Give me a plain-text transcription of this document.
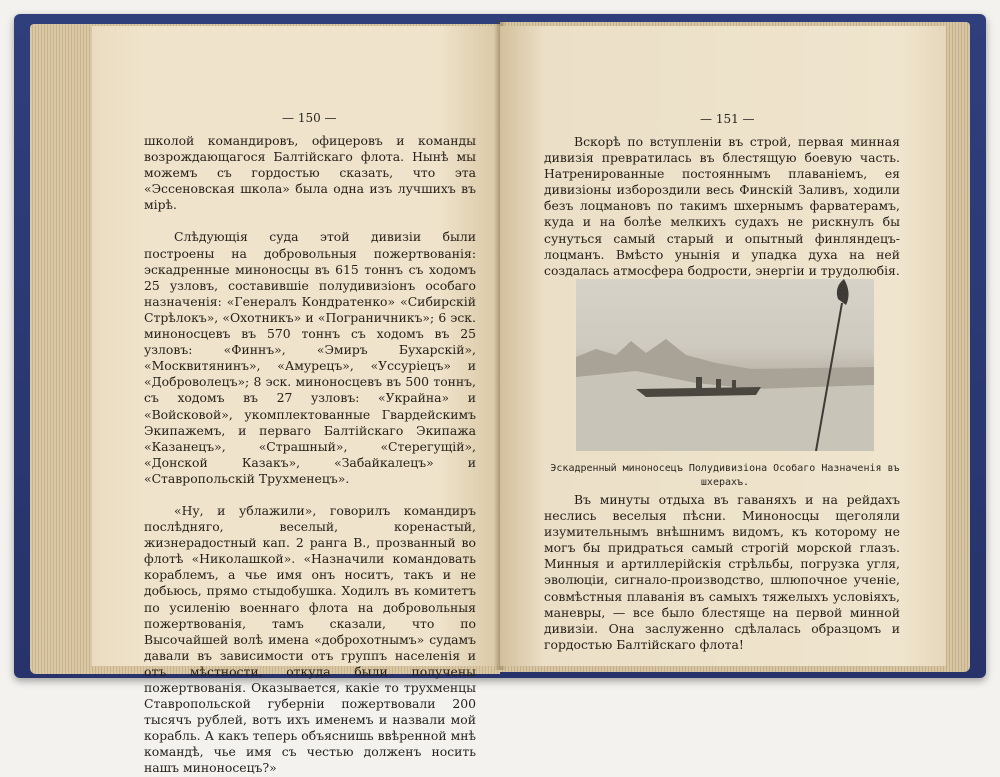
— 150 —

школой командировъ, офицеровъ и команды возрождающагося Балтійскаго флота. Нынѣ мы можемъ съ гордостью сказать, что эта «Эссеновская школа» была одна изъ лучшихъ въ мірѣ.

Слѣдующія суда этой дивизіи были построены на добровольныя пожертвованія: эскадренные миноносцы въ 615 тоннъ съ ходомъ 25 узловъ, составившіе полудивизіонъ особаго назначенія: «Генералъ Кондратенко» «Сибирскій Стрѣлокъ», «Охотникъ» и «Пограничникъ»; 6 эск. миноносцевъ въ 570 тоннъ съ ходомъ въ 25 узловъ: «Финнъ», «Эмиръ Бухарскій», «Москвитянинъ», «Амурецъ», «Уссурiецъ» и «Доброволецъ»; 8 эск. миноносцевъ въ 500 тоннъ, съ ходомъ въ 27 узловъ: «Украйна» и «Войсковой», укомплектованные Гвардейскимъ Экипажемъ, и перваго Балтійскаго Экипажа «Казанецъ», «Страшный», «Стерегущій», «Донской Казакъ», «Забайкалецъ» и «Ставропольскій Трухменецъ».

«Ну, и ублажили», говорилъ командиръ послѣдняго, веселый, коренастый, жизнерадостный кап. 2 ранга В., прозванный во флотѣ «Николашкой». «Назначили командовать кораблемъ, а чье имя онъ носитъ, такъ и не добьюсь, прямо стыдобушка. Ходилъ въ комитетъ по усиленію военнаго флота на добровольныя пожертвованія, тамъ сказали, что по Высочайшей волѣ имена «доброхотнымъ» судамъ давали въ зависимости отъ группъ населенія и отъ мѣстности, откуда были получены пожертвованія. Оказывается, какіе то трухменцы Ставропольской губерніи пожертвовали 200 тысячъ рублей, вотъ ихъ именемъ и назвали мой корабль. А какъ теперь объяснишь ввѣренной мнѣ командѣ, чье имя съ честью долженъ носить нашъ миноносецъ?»

— 151 —

Вскорѣ по вступленіи въ строй, первая минная дивизія превратилась въ блестящую боевую часть. Натренированные постояннымъ плаваніемъ, ея дивизіоны избороздили весь Финскій Заливъ, ходили безъ лоцмановъ по такимъ шхернымъ фарватерамъ, куда и на болѣе мелкихъ судахъ не рискнулъ бы сунуться самый старый и опытный финляндецъ-лоцманъ. Вмѣсто унынія и упадка духа на ней создалась атмосфера бодрости, энергіи и трудолюбія.

Эскадренный миноносецъ Полудивизіона Особаго Назначенія въ шхерахъ.

Въ минуты отдыха въ гаваняхъ и на рейдахъ неслись веселыя пѣсни. Миноносцы щеголяли изумительнымъ внѣшнимъ видомъ, къ которому не могъ бы придраться самый строгій морской глазъ. Минныя и артиллерійскія стрѣльбы, погрузка угля, эволюціи, сигнало-производство, шлюпочное ученіе, совмѣстныя плаванія въ самыхъ тяжелыхъ условіяхъ, маневры, — все было блестяще на первой минной дивизіи. Она заслуженно сдѣлалась образцомъ и гордостью Балтійскаго флота!
